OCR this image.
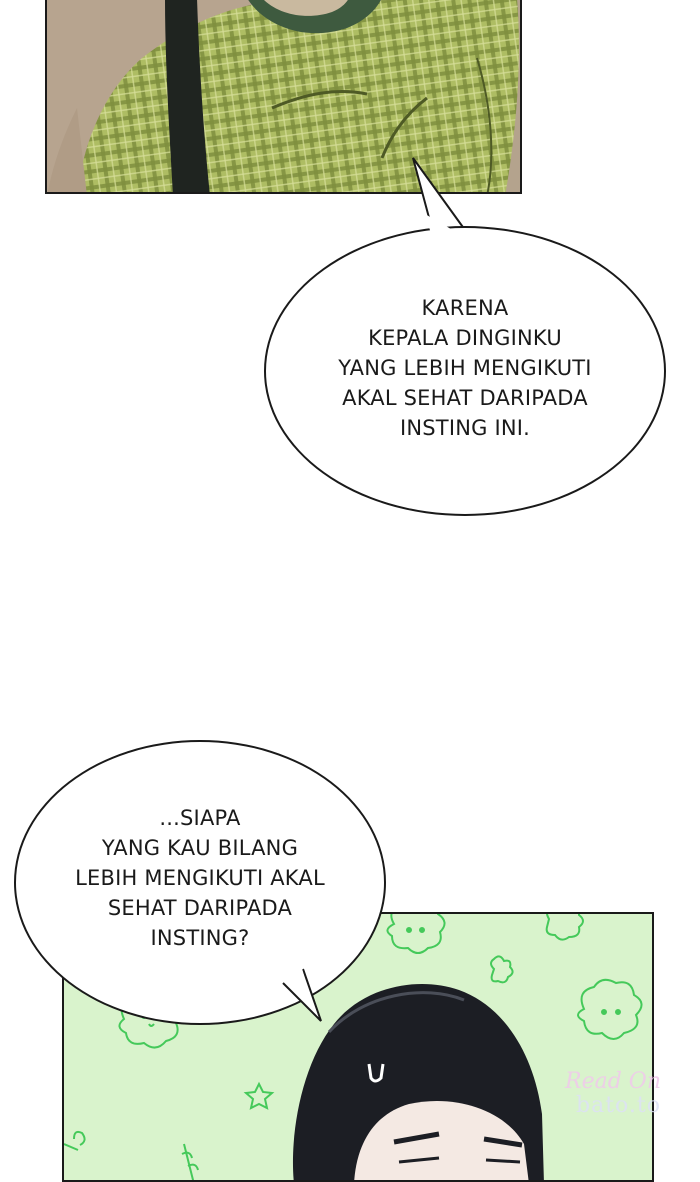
KARENA
KEPALA DINGINKU
YANG LEBIH MENGIKUTI
AKAL SEHAT DARIPADA
INSTING INI.
...SIAPA
YANG KAU BILANG
LEBIH MENGIKUTI AKAL
SEHAT DARIPADA
INSTING?
Read On
bato.to
